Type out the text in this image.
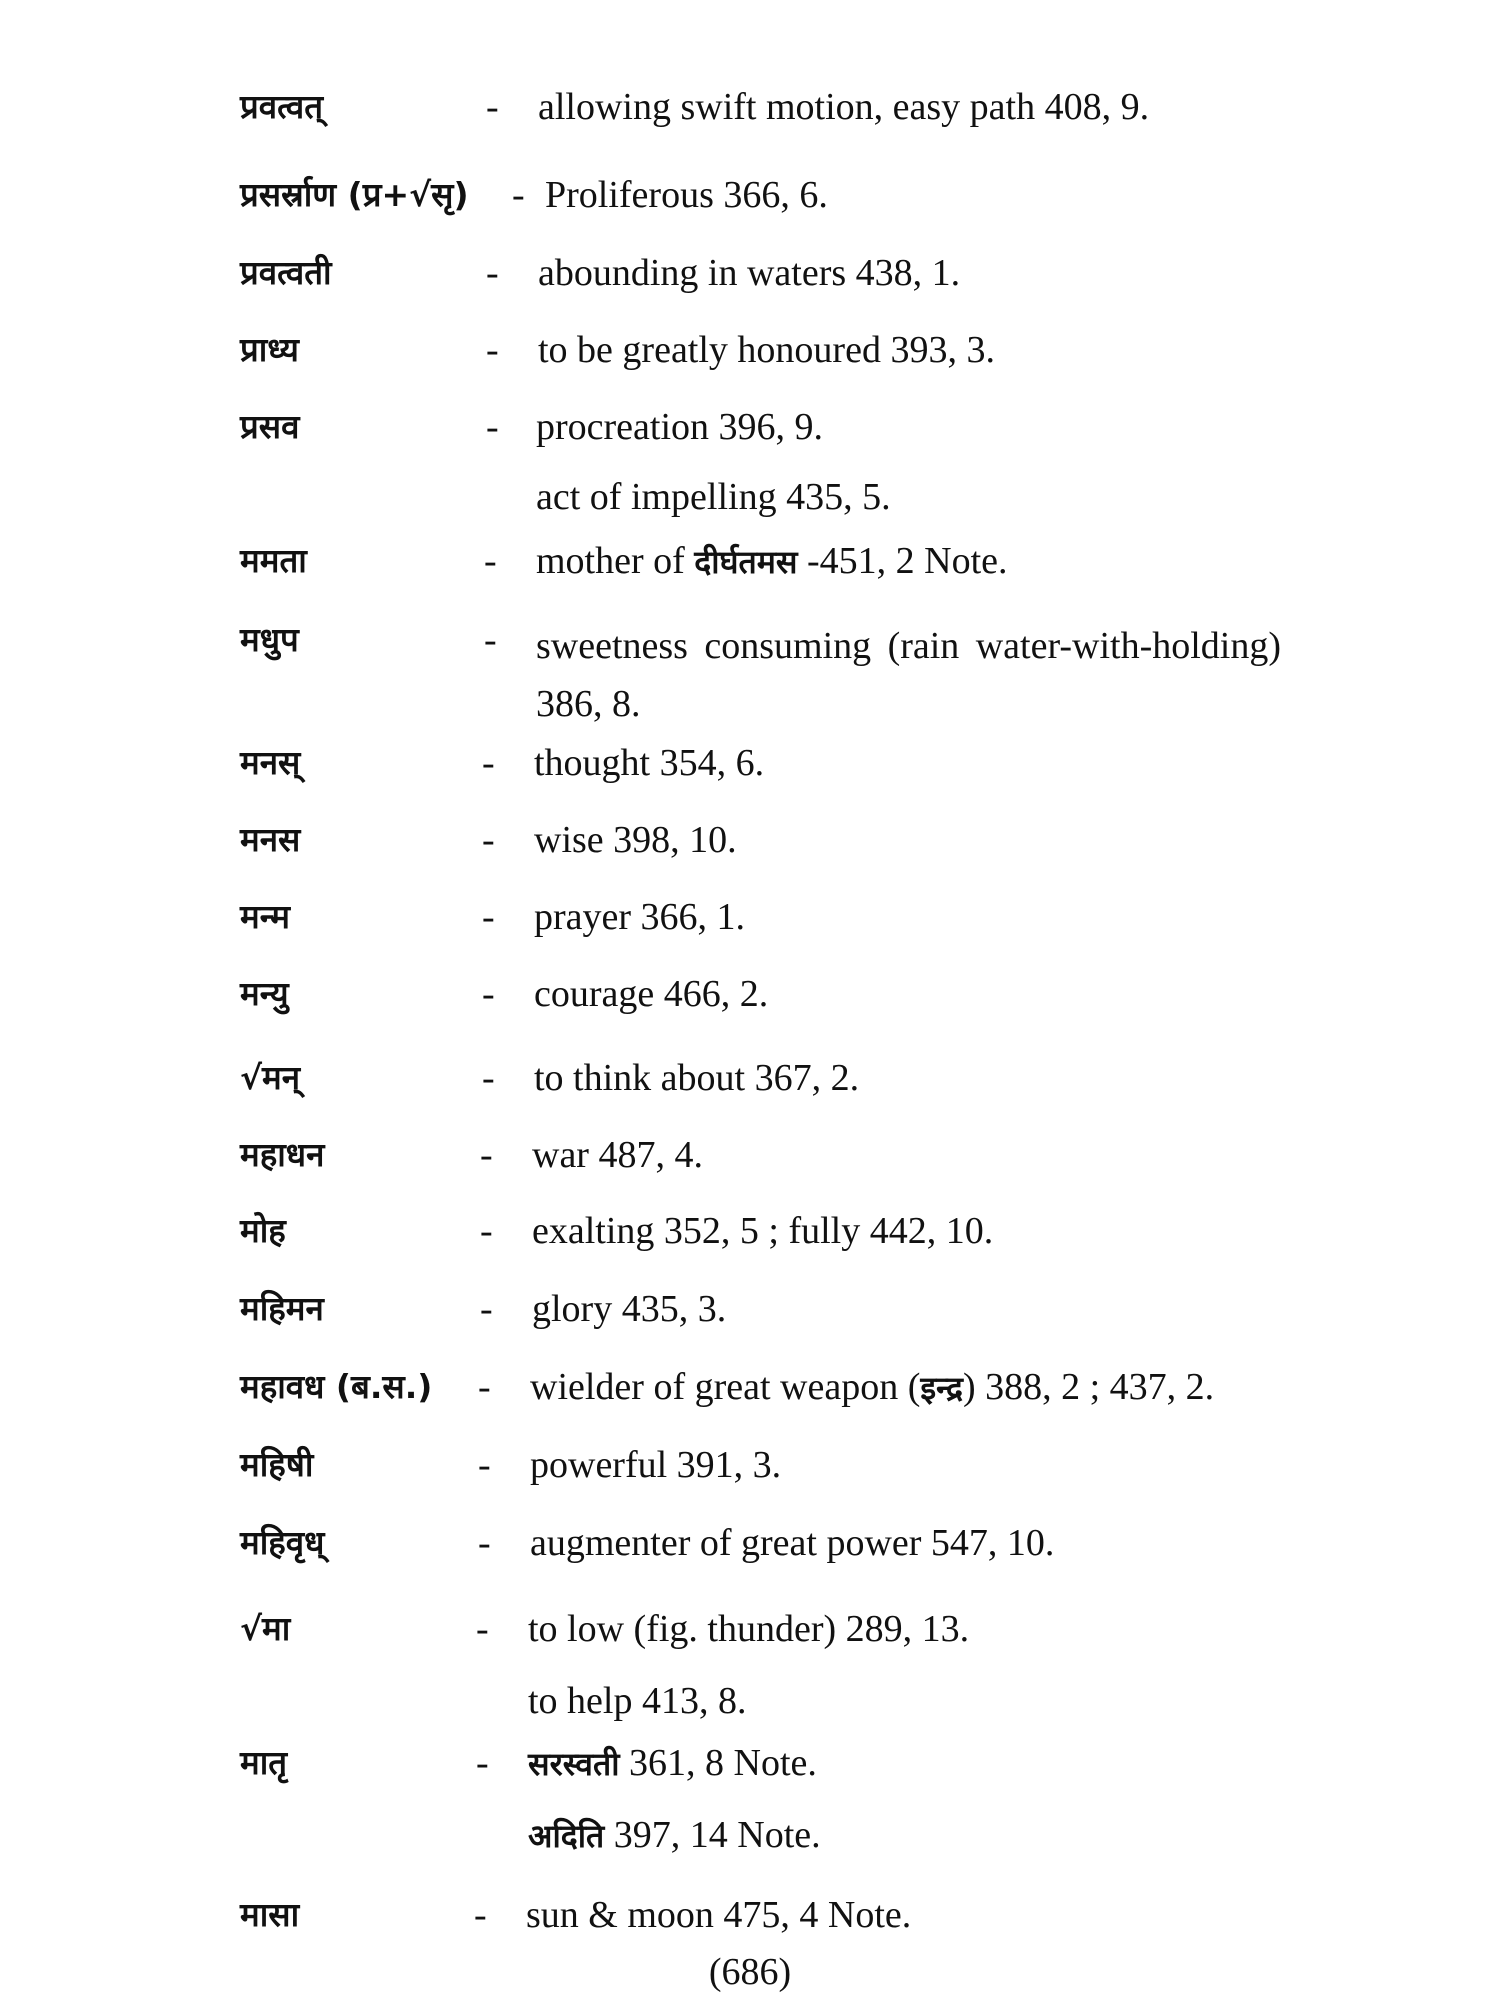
प्रवत्वत्	- allowing swift motion, easy path 408, 9.
प्रसर्स्राण (प्र+√सृ) - Proliferous 366, 6.
प्रवत्वती	- abounding in waters 438, 1.
प्राध्य	- to be greatly honoured 393, 3.
प्रसव	- procreation 396, 9.
act of impelling 435, 5.
ममता	- mother of दीर्घतमस -451, 2 Note.
मधुप	- sweetness consuming (rain water-with-holding) 386, 8.
मनस्	- thought 354, 6.
मनस	- wise 398, 10.
मन्म	- prayer 366, 1.
मन्यु	- courage 466, 2.
√मन्	- to think about 367, 2.
महाधन	- war 487, 4.
मोह	- exalting 352, 5 ; fully 442, 10.
महिमन	- glory 435, 3.
महावध (ब.स.) - wielder of great weapon (इन्द्र) 388, 2 ; 437, 2.
महिषी	- powerful 391, 3.
महिवृध्	- augmenter of great power 547, 10.
√मा	- to low (fig. thunder) 289, 13.
to help 413, 8.
मातृ	- सरस्वती 361, 8 Note.
अदिति 397, 14 Note.
मासा	- sun & moon 475, 4 Note.
(686)
